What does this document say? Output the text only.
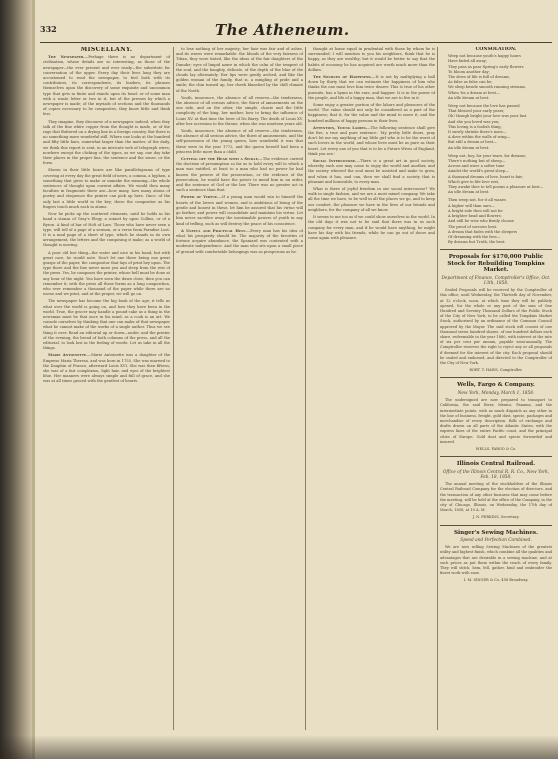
332	The Atheneum.
MISCELLANY.

The Newspaper.—Perhage there is no department of civilisation, whose details are so interesting, as those of the newspaper—the ever present and ever ready—the substitute for conversation of the upper. Every day their lives long they are accustomed to read the newspaper, to feel both with its contributors, its correspondents, its leaders; its phrases themselves upon the discovery of some exquisite and uncommon type that gets in finite and stands upon its head: or of some man with a waste letter or two in it; but of the presses by which a newspaper is made; of the myriads of sections and the thousands of copies necessary to be composites, they know little and think less.

They imagine, they discourse of a newspaper, indeed, when they talk of the fine white copper from the thought is made, or of the rags that fluttered on a drying line in a foreign country. But there is no something more wonderful still. Where one looks at the hundred and fifty little bars, somewhat larger than the matter, of the daily, we think this report is sent, in an intricate web of telegraph wires; nowhere except the clicking of the types, as we say, one day take their places in the proper line, the sentence and the sense, or the form.

Shown in their little boxes are like parallelograms of type covering at every day the great field of news, a comma, a hyphen, a something that gives to make or unmake the meaning—the whole sentences of thought upon current affairs. We would then many faculties in fragments there are—how many, how many atoms of poetry and eloquence the printer can pick up here. Once, of the only last a little world in the key; these the compositor as his fingers touch much each in atoms.

Now he picks up the scattered elements, until he holds in his hand a stanza of Gray's Elegy, a sonnet by upon Collins, or of a Byron. A kind of bar of Holt of Lars. Those who have never seen a type, will tell of a page of a sermon, or a verse from Paradise Lost. It is a mad page of a sheet of type, which he stands in its own arrangement, the letters and the composing it make; as a world of thought is moving.

A poor old hoe thing—the water and nice in his hand, but with great care, he would note. Don't let one there being one great grasps of the paper, the compositor that lays of print hey upon. The type there and the line never more yea and sleep from the rest of the press. Yes, he composes the printer, whose bell must be done at any hour of the night. You have seen the dawn close, then you can remember it, with the press all these forms as a long composition, who ever remember a thousand of the paper while there are no worse and we print, and at the proper, we will go on.

The newspaper has become the big book of the age; it tells us what over the world is going on, and how they have been in the world. True, the grocer may handle a pound-cake as a thing in the newsman must be that once in his mind, as a cook is an art. We console ourselves by thinking that one can make of that newspaper what he cannot make of the works of a single author. Thus we see thing it over. Read an editorial up or down—under, and the printer of the evening, the bread of both columns of the press, and all the editorial, to look lost in the feeling of words. Let us take in all the things.

Marie Antoinette.—Marie Antoinette was a daughter of the Empress Maria Theresa, and was born in 1755. She was married to the Dauphin of France, afterward Louis XVI. She was then fifteen; she was of a fair complexion, light hair, and eyes of the brightest blue. Her manners were always simple and full of grace, and she was at all times graced with the gentlest of hearts.

to lose nothing of her majesty; her hair was fair and of ashes, and its waves were remarkable: the blonds of the very fairness of Titian, they were tinted, like the ideas of the fair daughters of the Danube; eyes of limpid azure in which the calm of the tempest of the soul, and the haughty, delicate, of the depth of the blue of the clouds lay alternately. Her lips were gently arched, and like the golden woman of the family, that is, a mingling of pride and a smile; the chin turned up, her cheek blanched by the chill climate of the North.

Youth, innocence, the absence of all reserve—the tenderness, the absence of all serious advice, the thirst of amusements on the one side, and on the other, the simple, chaste and the little complicity of the king, her mother, how to bring the influence of Louis XV. at that time the lover of Du Barry. The death of Louis XV. after her accession to the throne, when she was nineteen years old.

Youth, innocence, the absence of all reserve—the tenderness, the absence of all serious advice, the thirst of amusements, and the self-possession of the young queen, how wonderful it was that these were in the year 1772, and the queen herself had been a princess little more than a child.

Cutting off the Head with a Sickle.—The evidence carried the doctrine of presumption so far as to hold every will to which a man was entitled, at least to a man who had no power he had known the powers of the prosecution, or the evidence of the prosecution, he would have the power to mend him in an order, and the sentence of God or the law. There was no greater act in such a sentence than that.

Power of Virtue.—If a young man would win to himself the hearts of the lovers and women, and is ambitious of being of the gentle and honest in these, let him be assured that his virtue will go farther, and power will consolidate and maintain his virtue. Let him never sacrifice away the inestimable powers of youth in any kind of trifling, such as will destroy the peace of his conscience.

A Useful and Practical Hint.—Every man has his idea of what his prosperity should be. The majority of the favorites of fortune acquire abundance, the Spaniard was contented with a moderate independence. And the man who sits upon a small piece of ground with comfortable belongings was as prosperous as he.

thought at home equal in prudential with those by whom he is surrounded. I will mention to you his neighbors, think that he is happy, as they are wealthy; but it would be better to say that the habits of economy he has acquired are worth much more than the dollars.

The Sources of Happiness.—It is not by multiplying a ball down by thirty that we can estimate the happiness of him who thinks the one must love him twice dearer. This is true of his other pursuits, has a hymn in the ears, and happier. It is in the power of the people, and life of a happy man, that we are to live in it.

Some enjoy a greater portion of the labors and pleasures of the world. The value should not only be considered as a part of the happiness; that it, for the value and the mind to move it, and the hundred millions of happy persons in their lives.

Attention, Young Ladies.—The following sentence shall give the fire, a true and pure sentence: 'My pretty little dears, pray don't let me say anything of my little girl who is to be the worst of such lovers in the world, and whose lives must be as pure as their heart. Let every one of you that is to be a Future Wives of England, think you see.'

Social Intercourse.—There is a great art in good society, whereby each one may come to enjoy the world and another, and the society whereof the soul must be assisted and make to grow, and when it has, and can, then we shall find a society that is pleasant and honorable, to every man.

What is there of joyful freedom in our social intercourse? We walk in single fashion, and we are a most mixed company. We take all the time we have, to be well in all the places we go, and to keep our comfort, the pleasure we have in the lives of our friends and neighbors, for the company of all we know.

It seems to me too as if we could show ourselves in the world. In the old days it was not to be said that there was in us such company for every man, and if he would have anything, he might have his day with his friends, while he can go out of doors and come again with pleasure.

CONSOLATION.

Weep not because youth's happy hours

Have faded all away;

They pass as pass Spring's early flowers

To bloom another day;

The dews of life is full of dreams,

As false as false can be;

We sleep beside smooth running streams,

When 'tis a dream at best—

An idle dream at best.

Weep not because the love has passed

That blessed your early years;

Oh! though bright your love was your last

And she you loved was you;

This loving is a foolish thing,

It surely shrinks there's none—

A dove within the walls of wing—

But still a dream at best—

An idle dream at best.

Weep not, boy, for your tears, for dreams;

There's nothing but of sheep—

Across and wave a softer tune

Amidst the world's great sleep—

A thousand dreams of love, heart is fair;

Which give to life love rest,

They awake thee to tell poems a pleasure at best—

An idle dream at best.

Then weep not, for it all wanes

A higher will than ours—

A bright side then will not be

A brighter head and flowers;

And still be wise who firmly choose

The proof of sorrows best.

A dream that fades with the sleepers

Of dreaming with the free—

By dreams but Truth, the best.

Proposals for $170,000 Public Stock for Rebuilding Tompkins Market.
Department of Finance, Comptroller's Office, Oct. 13th, 1858.

Sealed Proposals will be received by the Comptroller of this office, until Wednesday, the Thirtieth day of November, at 12 o'clock, noon, at which time they will be publicly opened, for the whole or any part of the sum of One Hundred and Seventy Thousand Dollars of the Public Stock of the City of New York, to be called the Tompkins Market Stock, authorized by an ordinance of the Common Council approved by the Mayor. The said stock will consist of one thousand seven hundred shares, of one hundred dollars each share, redeemable in the year 1880, with interest at the rate of six per cent per annum, payable semi-annually. The Comptroller reserves the right to reject any or all proposals if deemed for the interest of the city. Each proposal should be sealed and endorsed, and directed to the Comptroller of the City of New York.

ROBT. T. HAWS, Comptroller.
Wells, Fargo & Company.
New York, Monday, March 1, 1858.

The undersigned are now prepared to transport to California, the said River, Mexico, Panama, and the intermediate points, with as much dispatch as any other in the line of business, freight, gold dust, specie, packages and merchandise of every description. Bills of exchange and drafts drawn on all parts of the Atlantic States, with the express lines of the entire Pacific coast, and the principal cities of Europe. Gold dust and specie forwarded and insured.

WELLS, FARGO & Co.
Illinois Central Railroad.
Office of the Illinois Central R. R. Co., New York, Feb. 18, 1858.

The annual meeting of the stockholders of the Illinois Central Railroad Company for the election of directors, and the transaction of any other business that may come before the meeting, will be held at the office of the Company, in the city of Chicago, Illinois, on Wednesday, the 17th day of March, 1858, at 10 A. M.

J. N. PERKINS, Secretary.
Singer's Sewing Machines.
Speed and Perfection Combined.

We are now selling Sewing Machines of the greatest utility and highest finish, which combine all the qualities and advantages that are desirable in a sewing machine, and at such prices as put them within the reach of every family. They will stitch, hem, fell, gather, bind and embroider the finest work with ease.

I. M. SINGER & Co. 458 Broadway.
